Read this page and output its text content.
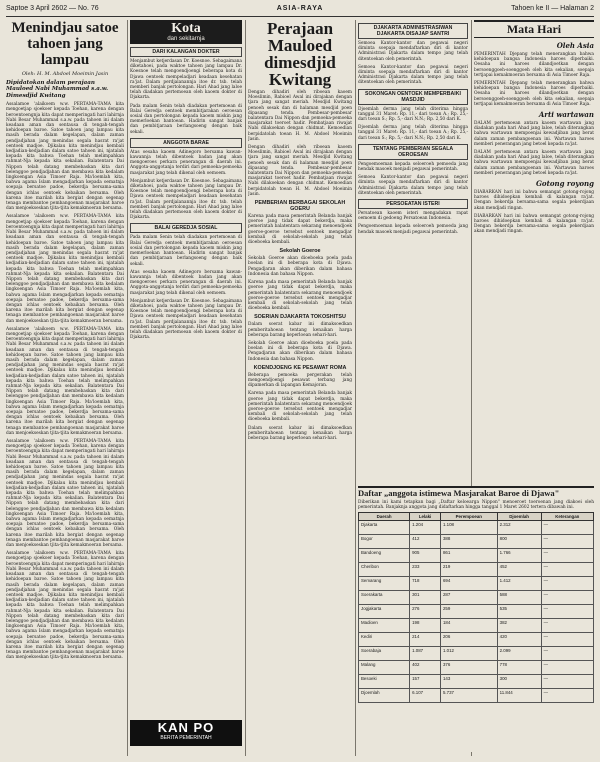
Saptoe 3 April 2602 — No. 76	ASIA-RAYA	Tahoen ke II — Halaman 2
Menindjau satoe tahoen jang lampau
Oleh: H. M. Abdoel Moeimin Jasin
Dipidatokan dalam perajaan Mauloed Nabi Muhammad s.a.w. Dimesdjid Kwitang

Assalamoe 'alaikoem w.w. PERTAMA-TAMA kita mengoetjap sjoekoer kepada Toehan, karena dengan beroentoengnja kita dapat memperingati hari lahirnja Nabi Besar Muhammad s.a.w. pada tahoen ini dalam keadaan aman dan sentausa di tengah-tengah kehidoepan baroe. Satoe tahoen jang lampau kita masih berada dalam kegelapan, dalam zaman pendjadjahan jang menindas segala hasrat ra'jat oentoek madjoe. Djikalau kita menindjau kembali kedjadian-kedjadian dalam satoe tahoen ini, njatalah kepada kita bahwa Toehan telah melimpahkan rahmat-Nja kepada kita sekalian. Balatentara Dai Nippon telah datang membebaskan kita dari belenggoe pendjadjahan dan membawa kita kedalam lingkoengan Asia Timoer Raja. Ma'loemlah kita, bahwa agama Islam mengadjarkan kepada oematnja soepaja bersatoe padoe, bekerdja bersama-sama dengan ichlas oentoek kebaikan bersama. Oleh karena itoe marilah kita bergiat dengan segenap tenaga membantoe pembangoenan masjarakat baroe dan menjoekseskan tjita-tjita kemakmoeran bersama.

Assalamoe 'alaikoem w.w. PERTAMA-TAMA kita mengoetjap sjoekoer kepada Toehan, karena dengan beroentoengnja kita dapat memperingati hari lahirnja Nabi Besar Muhammad s.a.w. pada tahoen ini dalam keadaan aman dan sentausa di tengah-tengah kehidoepan baroe. Satoe tahoen jang lampau kita masih berada dalam kegelapan, dalam zaman pendjadjahan jang menindas segala hasrat ra'jat oentoek madjoe. Djikalau kita menindjau kembali kedjadian-kedjadian dalam satoe tahoen ini, njatalah kepada kita bahwa Toehan telah melimpahkan rahmat-Nja kepada kita sekalian. Balatentara Dai Nippon telah datang membebaskan kita dari belenggoe pendjadjahan dan membawa kita kedalam lingkoengan Asia Timoer Raja. Ma'loemlah kita, bahwa agama Islam mengadjarkan kepada oematnja soepaja bersatoe padoe, bekerdja bersama-sama dengan ichlas oentoek kebaikan bersama. Oleh karena itoe marilah kita bergiat dengan segenap tenaga membantoe pembangoenan masjarakat baroe dan menjoekseskan tjita-tjita kemakmoeran bersama.

Assalamoe 'alaikoem w.w. PERTAMA-TAMA kita mengoetjap sjoekoer kepada Toehan, karena dengan beroentoengnja kita dapat memperingati hari lahirnja Nabi Besar Muhammad s.a.w. pada tahoen ini dalam keadaan aman dan sentausa di tengah-tengah kehidoepan baroe. Satoe tahoen jang lampau kita masih berada dalam kegelapan, dalam zaman pendjadjahan jang menindas segala hasrat ra'jat oentoek madjoe. Djikalau kita menindjau kembali kedjadian-kedjadian dalam satoe tahoen ini, njatalah kepada kita bahwa Toehan telah melimpahkan rahmat-Nja kepada kita sekalian. Balatentara Dai Nippon telah datang membebaskan kita dari belenggoe pendjadjahan dan membawa kita kedalam lingkoengan Asia Timoer Raja. Ma'loemlah kita, bahwa agama Islam mengadjarkan kepada oematnja soepaja bersatoe padoe, bekerdja bersama-sama dengan ichlas oentoek kebaikan bersama. Oleh karena itoe marilah kita bergiat dengan segenap tenaga membantoe pembangoenan masjarakat baroe dan menjoekseskan tjita-tjita kemakmoeran bersama.

Assalamoe 'alaikoem w.w. PERTAMA-TAMA kita mengoetjap sjoekoer kepada Toehan, karena dengan beroentoengnja kita dapat memperingati hari lahirnja Nabi Besar Muhammad s.a.w. pada tahoen ini dalam keadaan aman dan sentausa di tengah-tengah kehidoepan baroe. Satoe tahoen jang lampau kita masih berada dalam kegelapan, dalam zaman pendjadjahan jang menindas segala hasrat ra'jat oentoek madjoe. Djikalau kita menindjau kembali kedjadian-kedjadian dalam satoe tahoen ini, njatalah kepada kita bahwa Toehan telah melimpahkan rahmat-Nja kepada kita sekalian. Balatentara Dai Nippon telah datang membebaskan kita dari belenggoe pendjadjahan dan membawa kita kedalam lingkoengan Asia Timoer Raja. Ma'loemlah kita, bahwa agama Islam mengadjarkan kepada oematnja soepaja bersatoe padoe, bekerdja bersama-sama dengan ichlas oentoek kebaikan bersama. Oleh karena itoe marilah kita bergiat dengan segenap tenaga membantoe pembangoenan masjarakat baroe dan menjoekseskan tjita-tjita kemakmoeran bersama.

Assalamoe 'alaikoem w.w. PERTAMA-TAMA kita mengoetjap sjoekoer kepada Toehan, karena dengan beroentoengnja kita dapat memperingati hari lahirnja Nabi Besar Muhammad s.a.w. pada tahoen ini dalam keadaan aman dan sentausa di tengah-tengah kehidoepan baroe. Satoe tahoen jang lampau kita masih berada dalam kegelapan, dalam zaman pendjadjahan jang menindas segala hasrat ra'jat oentoek madjoe. Djikalau kita menindjau kembali kedjadian-kedjadian dalam satoe tahoen ini, njatalah kepada kita bahwa Toehan telah melimpahkan rahmat-Nja kepada kita sekalian. Balatentara Dai Nippon telah datang membebaskan kita dari belenggoe pendjadjahan dan membawa kita kedalam lingkoengan Asia Timoer Raja. Ma'loemlah kita, bahwa agama Islam mengadjarkan kepada oematnja soepaja bersatoe padoe, bekerdja bersama-sama dengan ichlas oentoek kebaikan bersama. Oleh karena itoe marilah kita bergiat dengan segenap tenaga membantoe pembangoenan masjarakat baroe dan menjoekseskan tjita-tjita kemakmoeran bersama.

Kota
dan sekitarnja
DARI KALANGAN DOKTER

Menjambut ketjerdasan Dr. Koesnoe. Sebagaimana diketahoei, pada waktoe tahoen jang lampau Dr. Koesnoe telah mengoendjoengi beberapa kota di Djawa oentoek mempeladjari keadaan kesehatan ra'jat. Dalam perdjalanannja itoe dr. tsb. telah memberi banjak pertolongan. Hari Ahad jang laloe telah diadakan pertemoean oleh kaoem dokter di Djakarta.

Pada malam Senin telah diadakan pertemoean di Balai Geredja oentoek membitjarakan oeroesan sosial dan pertolongan kepada kaoem miskin jang memerloekan bantoean. Hadirin sangat banjak dan pembitjaraan berlangsoeng dengan baik sekali.

ANGGOTA BARAE

Atas oesaha kaoem Adinegoro bersama kawan-kawannja telah dibentoek badan jang akan mengoeroes perkara penerangan di daerah ini. Anggota-anggotanja terdiri dari pemoeka-pemoeka masjarakat jang telah dikenal oleh oemoem.

Menjambut ketjerdasan Dr. Koesnoe. Sebagaimana diketahoei, pada waktoe tahoen jang lampau Dr. Koesnoe telah mengoendjoengi beberapa kota di Djawa oentoek mempeladjari keadaan kesehatan ra'jat. Dalam perdjalanannja itoe dr. tsb. telah memberi banjak pertolongan. Hari Ahad jang laloe telah diadakan pertemoean oleh kaoem dokter di Djakarta.

BALAI GEREDJA SOSIAL

Pada malam Senin telah diadakan pertemoean di Balai Geredja oentoek membitjarakan oeroesan sosial dan pertolongan kepada kaoem miskin jang memerloekan bantoean. Hadirin sangat banjak dan pembitjaraan berlangsoeng dengan baik sekali.

Atas oesaha kaoem Adinegoro bersama kawan-kawannja telah dibentoek badan jang akan mengoeroes perkara penerangan di daerah ini. Anggota-anggotanja terdiri dari pemoeka-pemoeka masjarakat jang telah dikenal oleh oemoem.

Menjambut ketjerdasan Dr. Koesnoe. Sebagaimana diketahoei, pada waktoe tahoen jang lampau Dr. Koesnoe telah mengoendjoengi beberapa kota di Djawa oentoek mempeladjari keadaan kesehatan ra'jat. Dalam perdjalanannja itoe dr. tsb. telah memberi banjak pertolongan. Hari Ahad jang laloe telah diadakan pertemoean oleh kaoem dokter di Djakarta.

KAN PO
BERITA PEMERINTAH
Perajaan Mauloed dimesdjid Kwitang

Dengan dihadiri oleh riboean kaoem Moeslimin, Rabioel Awal ini dirajakan dengan tjara jang sangat meriah. Mesdjid Kwitang penoeh sesak dan di halaman mesdjid poen dipasang tenda. Pembesar-pembesar balatentara Dai Nippon dan pemoeka-pemoeka masjarakat toeroet hadir. Pembatjaan riwajat Nabi dilakoekan dengan chidmat. Kemoedian berpidatolah toean H. M. Abdoel Moeimin Jasin.

Dengan dihadiri oleh riboean kaoem Moeslimin, Rabioel Awal ini dirajakan dengan tjara jang sangat meriah. Mesdjid Kwitang penoeh sesak dan di halaman mesdjid poen dipasang tenda. Pembesar-pembesar balatentara Dai Nippon dan pemoeka-pemoeka masjarakat toeroet hadir. Pembatjaan riwajat Nabi dilakoekan dengan chidmat. Kemoedian berpidatolah toean H. M. Abdoel Moeimin Jasin.

PEMBERIAN BERBAGAI SEKOLAH GOERU

Karena pada masa pemerintah Belanda banjak goeroe jang tidak dapat bekerdja, maka pemerintah balatentara sekarang menoendjoek goeroe-goeroe tersebut oentoek mengadjar kembali di sekolah-sekolah jang telah dioeboeka kembali.

Sekolah Goeroe

Sekolah Goeroe akan dioeboeka poela pada boelan ini di beberapa kota di Djawa. Pengadjaran akan diberikan dalam bahasa Indonesia dan bahasa Nippon.

Karena pada masa pemerintah Belanda banjak goeroe jang tidak dapat bekerdja, maka pemerintah balatentara sekarang menoendjoek goeroe-goeroe tersebut oentoek mengadjar kembali di sekolah-sekolah jang telah dioeboeka kembali.

SOERIAN DJAKARTA TOKOSHITSU

Dalam soerat kabar ini dimaksoedkan pemberitahoean tentang kenaikan harga beberapa barang keperloean sehari-hari.

Sekolah Goeroe akan dioeboeka poela pada boelan ini di beberapa kota di Djawa. Pengadjaran akan diberikan dalam bahasa Indonesia dan bahasa Nippon.

KOENDJOENG KE PESAWAT ROMA

Beberapa pemoeka pergerakan telah mengoendjoengi pesawat terbang jang dipamerkan di lapangan Kemajoran.

Karena pada masa pemerintah Belanda banjak goeroe jang tidak dapat bekerdja, maka pemerintah balatentara sekarang menoendjoek goeroe-goeroe tersebut oentoek mengadjar kembali di sekolah-sekolah jang telah dioeboeka kembali.

Dalam soerat kabar ini dimaksoedkan pemberitahoean tentang kenaikan harga beberapa barang keperloean sehari-hari.

DJAKARTA ADMINISTRASIWAN DJAKARTA DISAJAP SANTRI

Semoea Kantor-kantor dan pegawai negeri diminta soepaja mendaftarkan diri di kantor Administrasi Djakarta dalam tempo jang telah ditentoekan oleh pemerintah.

Semoea Kantor-kantor dan pegawai negeri diminta soepaja mendaftarkan diri di kantor Administrasi Djakarta dalam tempo jang telah ditentoekan oleh pemerintah.

SOKONGAN OENTOEK MEMPERBAIKI MASDJID

Djoemlah derma jang telah diterima hingga tanggal 31 Maret: Rp. 11,- dari toean A.; Rp. 25,- dari toean S.; Rp. 5,- dari N.N.; Rp. 2,50 dari K.

Djoemlah derma jang telah diterima hingga tanggal 31 Maret: Rp. 11,- dari toean A.; Rp. 25,- dari toean S.; Rp. 5,- dari N.N.; Rp. 2,50 dari K.

TENTANG PEMBERIAN SEGALA OEROESAN

Pengoemoeman kepada seloeroeh pemoeda jang hendak masoek menjadi pegawai pemerintah.

Semoea Kantor-kantor dan pegawai negeri diminta soepaja mendaftarkan diri di kantor Administrasi Djakarta dalam tempo jang telah ditentoekan oleh pemerintah.

PERSOEATAN ISTERI

Persatoean kaoem isteri mengadakan rapat oemoem di gedoeng Persatoean Indonesia.

Pengoemoeman kepada seloeroeh pemoeda jang hendak masoek menjadi pegawai pemerintah.

Mata Hari
Oleh Asia

PEMERINTAH Djepang telah menerangkan bahwa kehidoepan bangsa Indonesia haroes diperbaiki. Oesaha ini haroes dilandjoetkan dengan bersoenggoeh-soenggoeh oleh kita sekalian, soepaja tertjapai kemakmoeran bersama di Asia Timoer Raja.

PEMERINTAH Djepang telah menerangkan bahwa kehidoepan bangsa Indonesia haroes diperbaiki. Oesaha ini haroes dilandjoetkan dengan bersoenggoeh-soenggoeh oleh kita sekalian, soepaja tertjapai kemakmoeran bersama di Asia Timoer Raja.

Arti wartawan

DALAM pertemoean antara kaoem wartawan jang diadakan pada hari Ahad jang laloe, telah diterangkan bahwa wartawan mempoenjai kewadjiban jang berat dalam zaman pembangoenan ini. Wartawan haroes memberi penerangan jang betoel kepada ra'jat.

DALAM pertemoean antara kaoem wartawan jang diadakan pada hari Ahad jang laloe, telah diterangkan bahwa wartawan mempoenjai kewadjiban jang berat dalam zaman pembangoenan ini. Wartawan haroes memberi penerangan jang betoel kepada ra'jat.

Gotong royong

DIABARKAN hari ini bahwa semangat gotong-rojong haroes dihidoepkan kembali di kalangan ra'jat. Dengan bekerdja bersama-sama segala pekerdjaan akan mendjadi ringan.

DIABARKAN hari ini bahwa semangat gotong-rojong haroes dihidoepkan kembali di kalangan ra'jat. Dengan bekerdja bersama-sama segala pekerdjaan akan mendjadi ringan.

Daftar „anggota istimewa Masjarakat Baroe di Djawa"
Diberikan ini kami tetapkan bagi „Daftar keloearga Nippon" menoeroet toeroenan jang diakoei oleh pemerintah. Banjaknja anggota jang didaftarkan hingga tanggal 1 Maret 2602 tertera dibawah ini.
Daerah	Lelaki	Perempoean	Djoemlah	Keterangan
Djakarta	1.204	1.108	2.312	—
Bogor	412	388	800	—
Bandoeng	905	861	1.766	—
Cheribon	233	219	452	—
Semarang	718	694	1.412	—
Soerakarta	301	287	588	—
Jogjakarta	276	259	535	—
Madioen	198	184	382	—
Kediri	214	206	420	—
Soerabaja	1.087	1.012	2.099	—
Malang	402	376	778	—
Besoeki	157	143	300	—
Djoemlah	6.107	5.737	11.844	—
